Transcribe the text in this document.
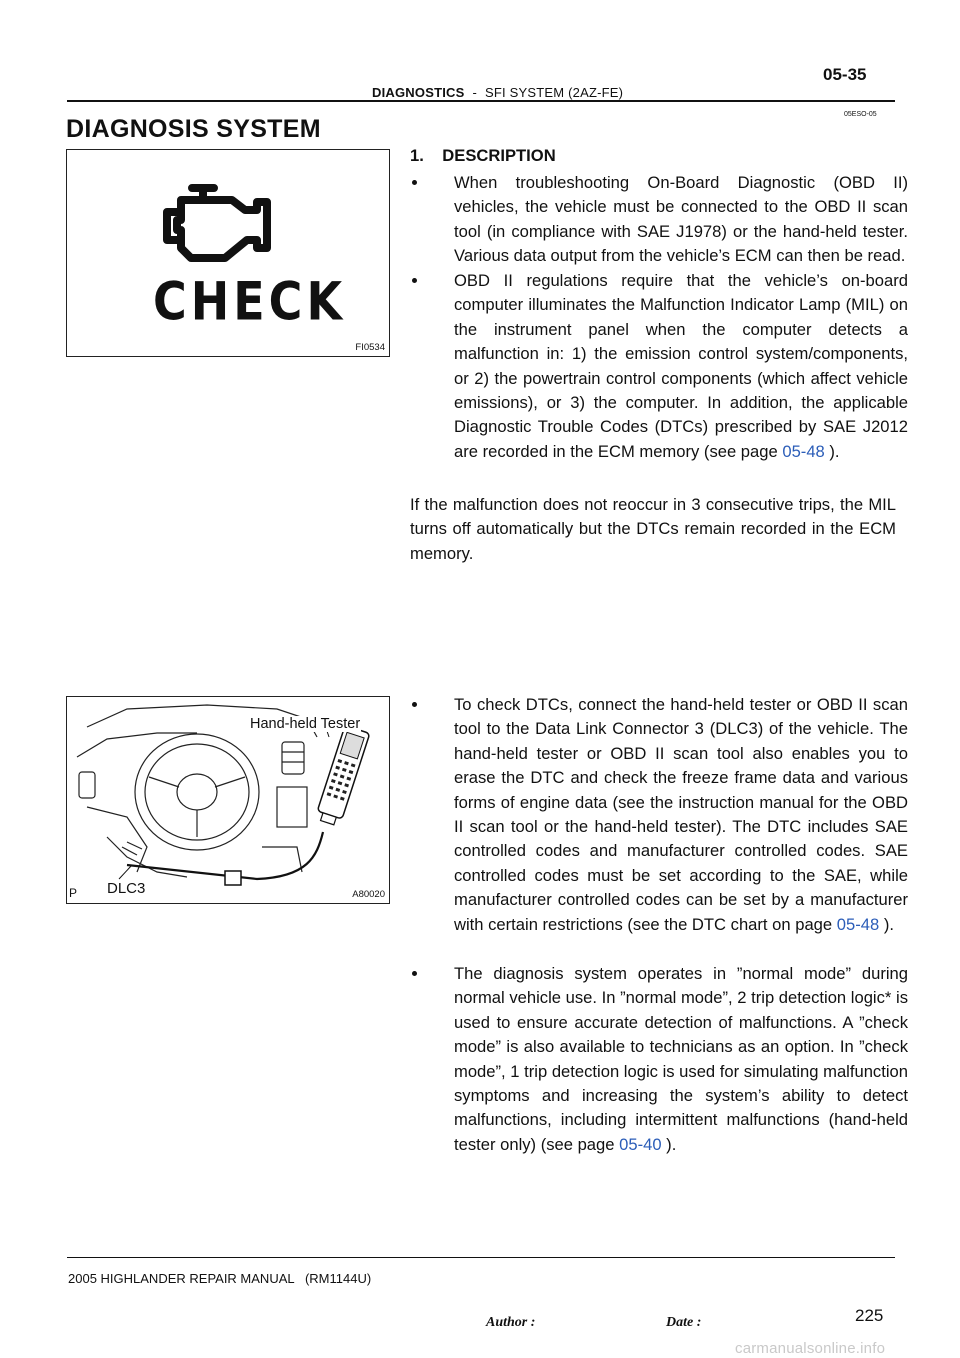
DIAGNOSTICS - SFI SYSTEM (2AZ-FE)
05-35
05ESO-05
DIAGNOSIS SYSTEM
CHECK
FI0534
Hand-held Tester
DLC3
P	A80020
1.    DESCRIPTION
When troubleshooting On-Board Diagnostic (OBD II) vehicles, the vehicle must be connected to the OBD II scan tool (in compliance with SAE J1978) or the hand-held tester. Various data output from the vehicle’s ECM can then be read.
OBD II regulations require that the vehicle’s on-board computer illuminates the Malfunction Indicator Lamp (MIL) on the instrument panel when the computer detects a malfunction in: 1) the emission control system/components, or 2) the powertrain control components (which affect vehicle emissions), or 3) the computer. In addition, the applicable Diagnostic Trouble Codes (DTCs) prescribed by SAE J2012 are recorded in the ECM memory (see page 05-48 ).
If the malfunction does not reoccur in 3 consecutive trips, the MIL turns off automatically but the DTCs remain recorded in the ECM memory.
To check DTCs, connect the hand-held tester or OBD II scan tool to the Data Link Connector 3 (DLC3) of the vehicle. The hand-held tester or OBD II scan tool also enables you to erase the DTC and check the freeze frame data and various forms of engine data (see the instruction manual for the OBD II scan tool or the hand-held tester). The DTC includes SAE controlled codes and manufacturer controlled codes. SAE controlled codes must be set according to the SAE, while manufacturer controlled codes can be set by a manufacturer with certain restrictions (see the DTC chart on page 05-48 ).
The diagnosis system operates in ”normal mode” during normal vehicle use. In ”normal mode”, 2 trip detection logic* is used to ensure accurate detection of malfunctions. A ”check mode” is also available to technicians as an option. In ”check mode”, 1 trip detection logic is used for simulating malfunction symptoms and increasing the system’s ability to detect malfunctions, including intermittent malfunctions (hand-held tester only) (see page 05-40 ).
2005 HIGHLANDER REPAIR MANUAL   (RM1144U)
Author :	Date :	225
carmanualsonline.info
